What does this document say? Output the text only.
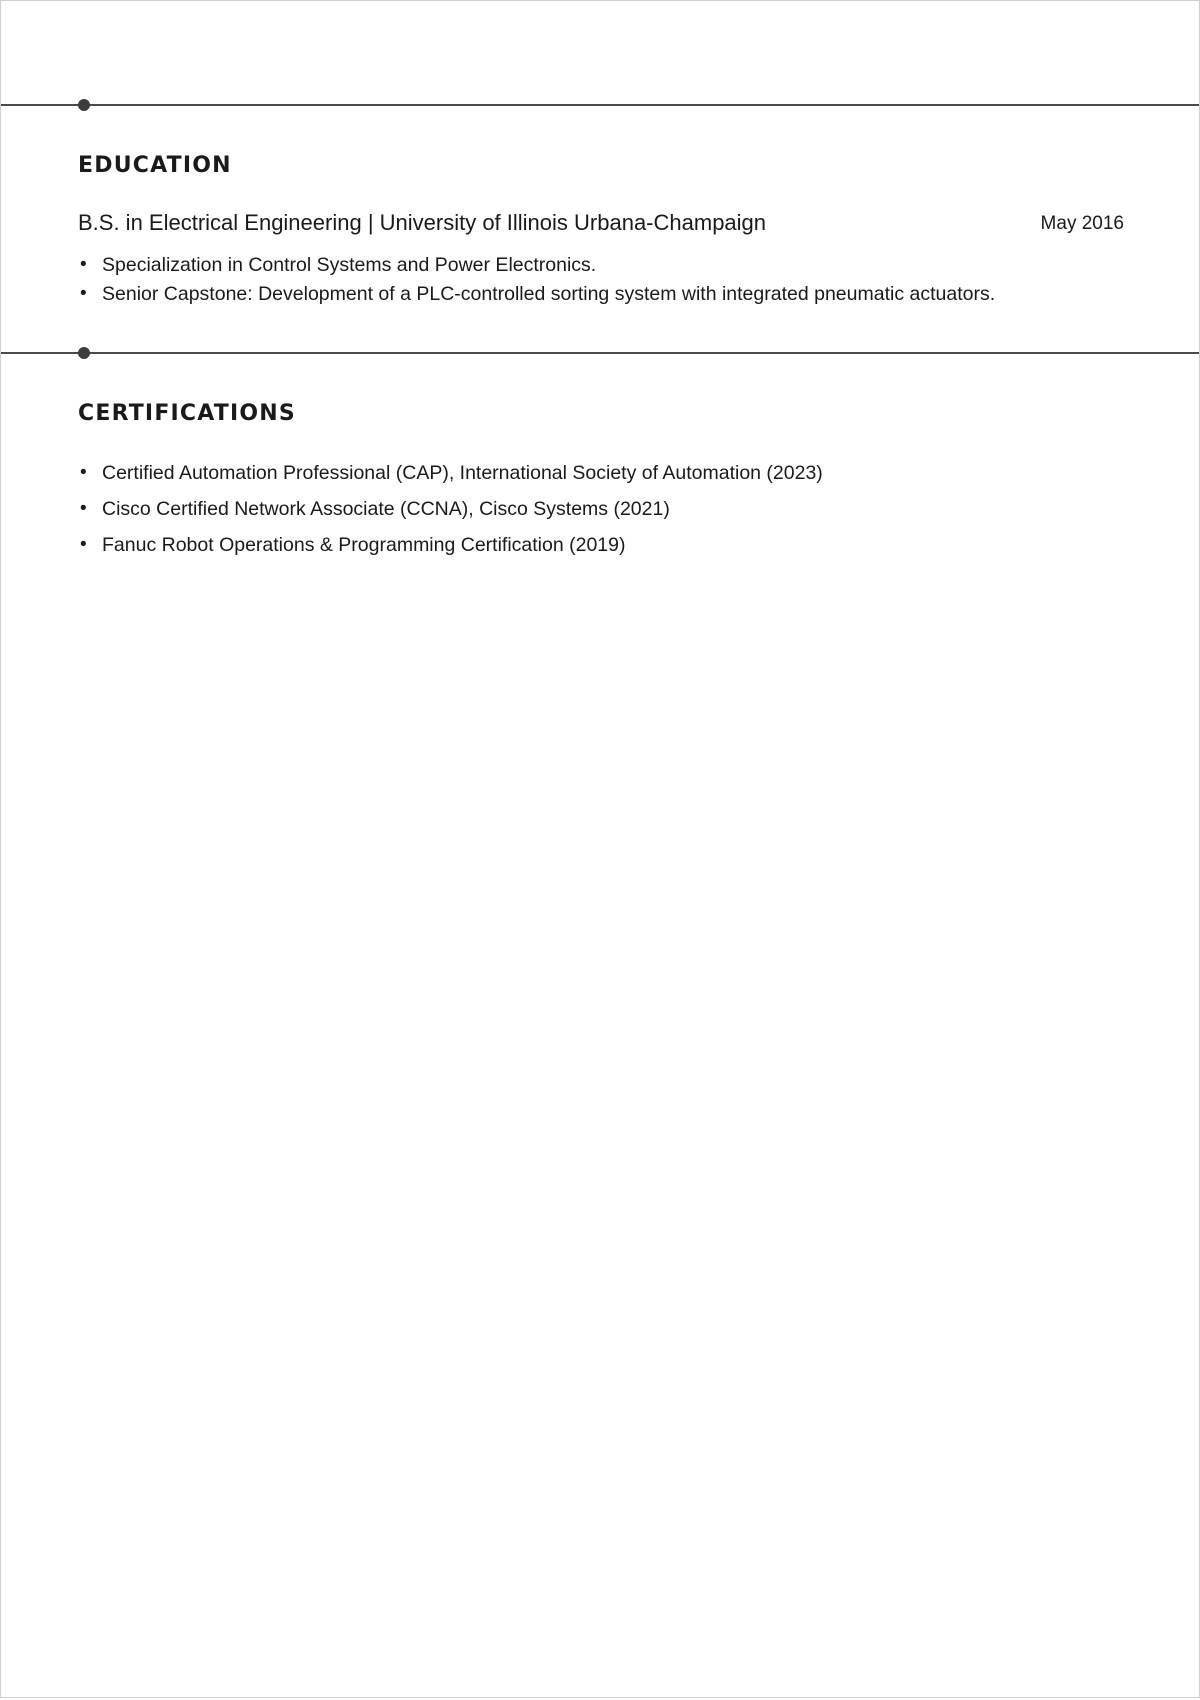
EDUCATION
B.S. in Electrical Engineering | University of Illinois Urbana-Champaign	May 2016
• Specialization in Control Systems and Power Electronics.
• Senior Capstone: Development of a PLC-controlled sorting system with integrated pneumatic actuators.
CERTIFICATIONS
• Certified Automation Professional (CAP), International Society of Automation (2023)
• Cisco Certified Network Associate (CCNA), Cisco Systems (2021)
• Fanuc Robot Operations & Programming Certification (2019)
